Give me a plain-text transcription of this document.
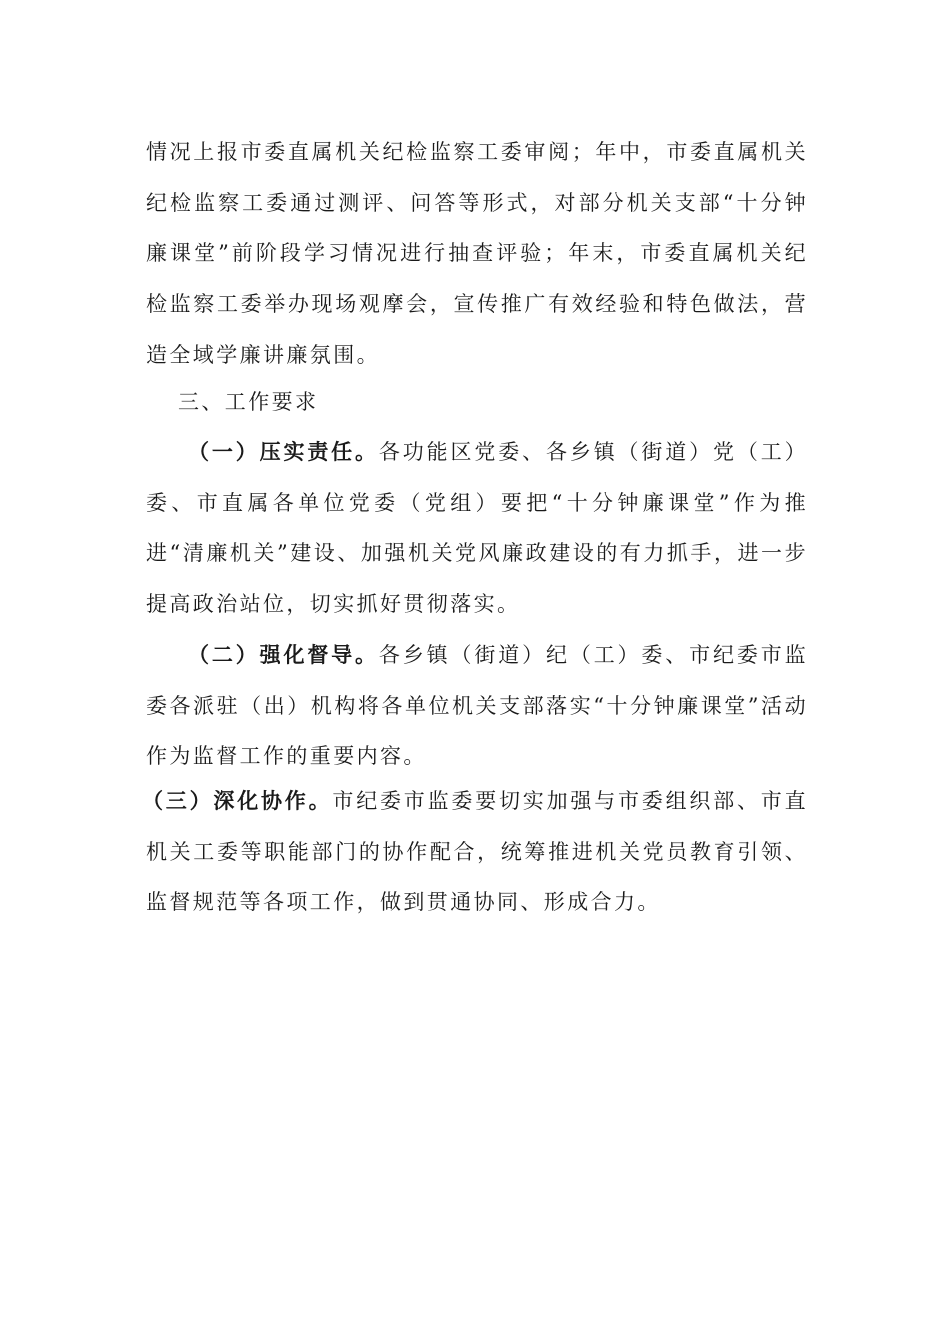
情况上报市委直属机关纪检监察工委审阅；年中，市委直属机关纪检监察工委通过测评、问答等形式，对部分机关支部“十分钟廉课堂”前阶段学习情况进行抽查评验；年末，市委直属机关纪检监察工委举办现场观摩会，宣传推广有效经验和特色做法，营造全域学廉讲廉氛围。
三、工作要求
（一）压实责任。各功能区党委、各乡镇（街道）党（工）委、市直属各单位党委（党组）要把“十分钟廉课堂”作为推进“清廉机关”建设、加强机关党风廉政建设的有力抓手，进一步提高政治站位，切实抓好贯彻落实。
（二）强化督导。各乡镇（街道）纪（工）委、市纪委市监委各派驻（出）机构将各单位机关支部落实“十分钟廉课堂”活动作为监督工作的重要内容。
（三）深化协作。市纪委市监委要切实加强与市委组织部、市直机关工委等职能部门的协作配合，统筹推进机关党员教育引领、监督规范等各项工作，做到贯通协同、形成合力。
